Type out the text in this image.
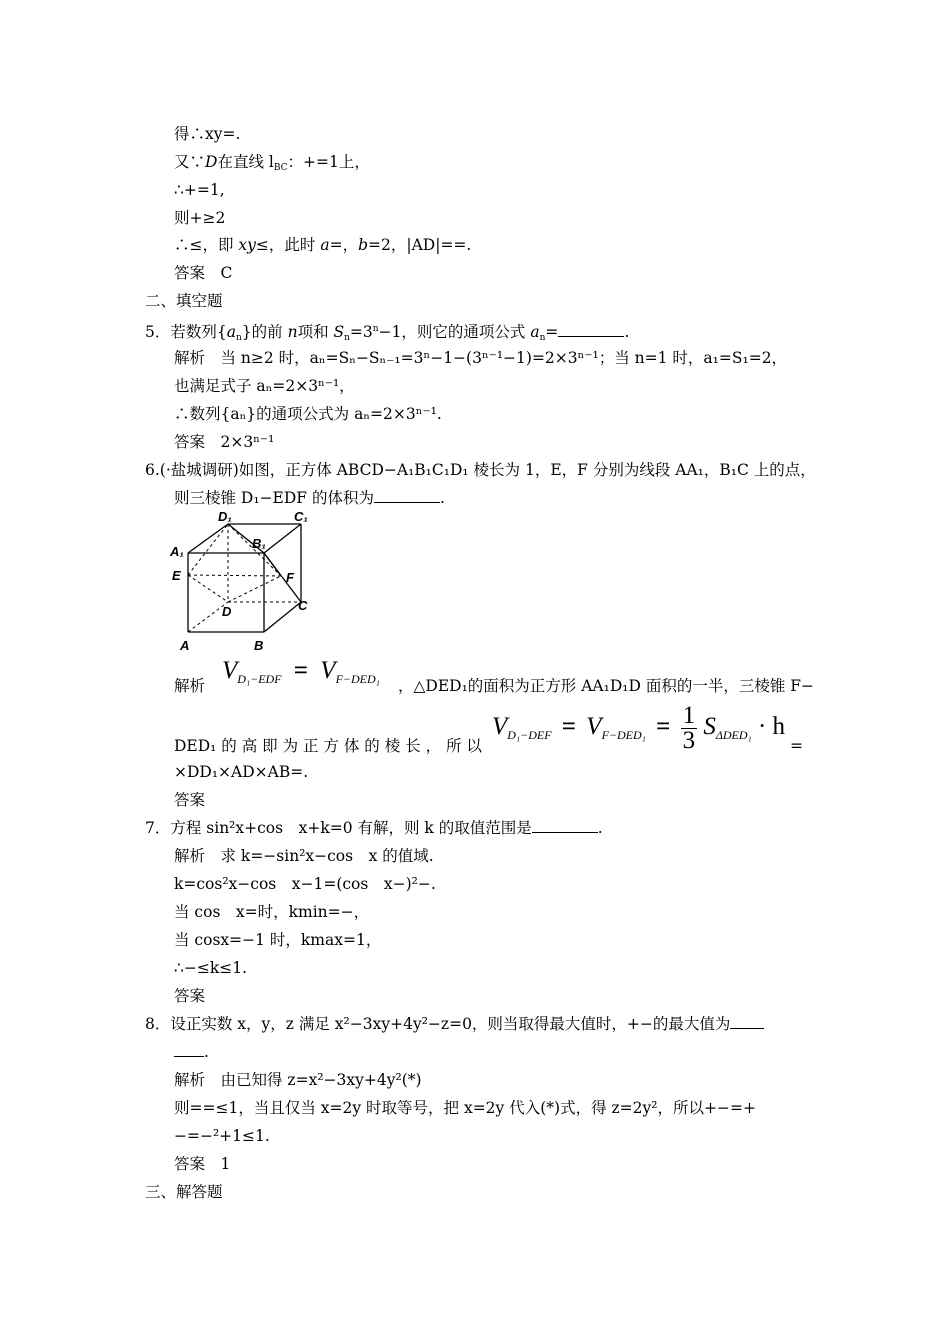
得∴xy=.
又∵D在直线 $l_{BC}$：+=1上，
∴+=1,
则+≥2
∴≤，即 xy≤，此时 a=，b=2，|AD|==.
答案　C
二、填空题
5．若数列$\{a_n\}$的前 n项和 $S_n=3^n-1$，则它的通项公式 $a_n=$	.
解析　当 n≥2 时，aₙ=Sₙ−Sₙ₋₁=3ⁿ−1−(3ⁿ⁻¹−1)=2×3ⁿ⁻¹；当 n=1 时，a₁=S₁=2，
也满足式子 aₙ=2×3ⁿ⁻¹，
∴数列{aₙ}的通项公式为 aₙ=2×3ⁿ⁻¹.
答案　2×3ⁿ⁻¹
6.(·盐城调研)如图，正方体 ABCD−A₁B₁C₁D₁ 棱长为 1，E，F 分别为线段 AA₁，B₁C 上的点，
则三棱锥 D₁−EDF 的体积为	.
D₁	C₁
A₁
B₁
E	F
D	C
A	B
解析
$V_{D_1-EDF} = V_{F-DED_1}$ ，△DED₁的面积为正方形 AA₁D₁D 面积的一半，三棱锥 F−
DED₁ 的 高 即 为 正 方 体 的 棱 长 ， 所 以
$V_{D_1-DEF} = V_{F-DED_1} = \frac{1}{3} S_{\Delta DED_1} \cdot h$
=
×DD₁×AD×AB=.
答案
7．方程 sin²x+cos　x+k=0 有解，则 k 的取值范围是	.
解析　求 k=−sin²x−cos　x 的值域.
k=cos²x−cos　x−1=(cos　x−)²−.
当 cos　x=时，kmin=−，
当 cosx=−1 时，kmax=1，
∴−≤k≤1.
答案
8．设正实数 x，y，z 满足 x²−3xy+4y²−z=0，则当取得最大值时，+−的最大值为
.
解析　由已知得 z=x²−3xy+4y²(*)
则==≤1，当且仅当 x=2y 时取等号，把 x=2y 代入(*)式，得 z=2y²，所以+−=+
−=−²+1≤1.
答案　1
三、解答题
